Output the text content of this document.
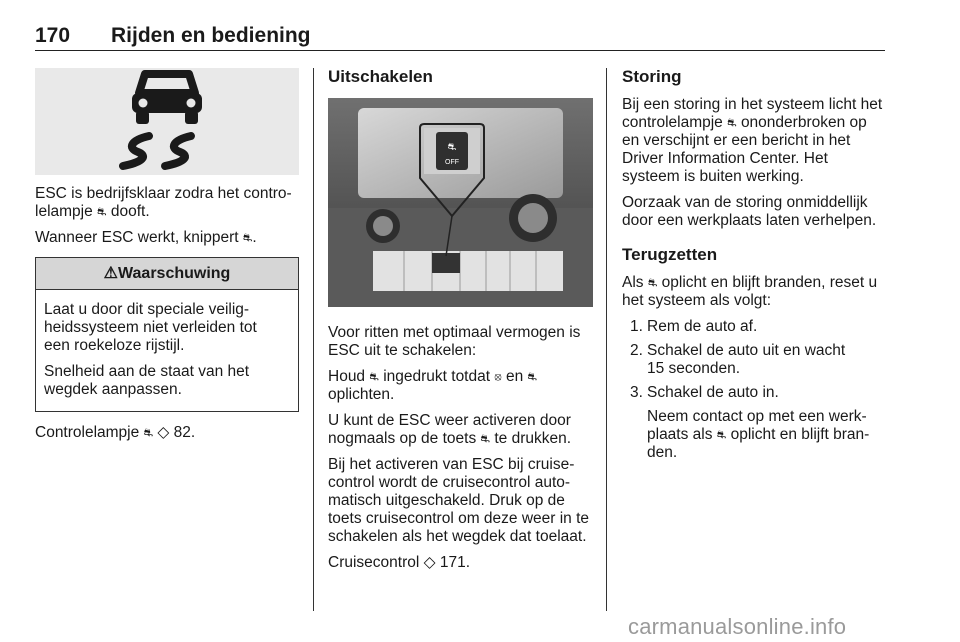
170 Rijden en bediening

ESC is bedrijfsklaar zodra het contro-
lelampje ⛐ dooft.

Wanneer ESC werkt, knippert ⛐.

⚠Waarschuwing

Laat u door dit speciale veilig-
heidssysteem niet verleiden tot
een roekeloze rijstijl.

Snelheid aan de staat van het
wegdek aanpassen.

Controlelampje ⛐ ◇ 82.

Uitschakelen
⛐
OFF

Voor ritten met optimaal vermogen is
ESC uit te schakelen:

Houd ⛐ ingedrukt totdat ⦻ en ⛐
oplichten.

U kunt de ESC weer activeren door
nogmaals op de toets ⛐ te drukken.

Bij het activeren van ESC bij cruise-
control wordt de cruisecontrol auto-
matisch uitgeschakeld. Druk op de
toets cruisecontrol om deze weer in te
schakelen als het wegdek dat toelaat.

Cruisecontrol ◇ 171.

Storing

Bij een storing in het systeem licht het
controlelampje ⛐ ononderbroken op
en verschijnt er een bericht in het
Driver Information Center. Het
systeem is buiten werking.

Oorzaak van de storing onmiddellijk
door een werkplaats laten verhelpen.

Terugzetten

Als ⛐ oplicht en blijft branden, reset u
het systeem als volgt:

1. Rem de auto af.
2. Schakel de auto uit en wacht
15 seconden.
3. Schakel de auto in.

Neem contact op met een werk-
plaats als ⛐ oplicht en blijft bran-
den.

carmanualsonline.info
